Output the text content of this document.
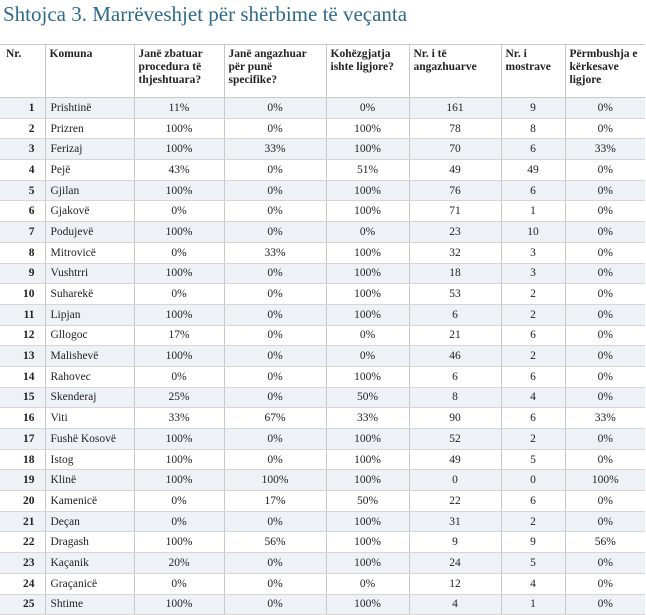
Shtojca 3. Marrëveshjet për shërbime të veçanta
Nr.	Komuna	Janë zbatuar procedura të thjeshtuara?	Janë angazhuar për punë specifike?	Kohëzgjatja ishte ligjore?	Nr. i të angazhuarve	Nr. i mostrave	Përmbushja e kërkesave ligjore
1	Prishtinë	11%	0%	0%	161	9	0%
2	Prizren	100%	0%	100%	78	8	0%
3	Ferizaj	100%	33%	100%	70	6	33%
4	Pejë	43%	0%	51%	49	49	0%
5	Gjilan	100%	0%	100%	76	6	0%
6	Gjakovë	0%	0%	100%	71	1	0%
7	Podujevë	100%	0%	0%	23	10	0%
8	Mitrovicë	0%	33%	100%	32	3	0%
9	Vushtrri	100%	0%	100%	18	3	0%
10	Suharekë	0%	0%	100%	53	2	0%
11	Lipjan	100%	0%	100%	6	2	0%
12	Gllogoc	17%	0%	0%	21	6	0%
13	Malishevë	100%	0%	0%	46	2	0%
14	Rahovec	0%	0%	100%	6	6	0%
15	Skenderaj	25%	0%	50%	8	4	0%
16	Viti	33%	67%	33%	90	6	33%
17	Fushë Kosovë	100%	0%	100%	52	2	0%
18	Istog	100%	0%	100%	49	5	0%
19	Klinë	100%	100%	100%	0	0	100%
20	Kamenicë	0%	17%	50%	22	6	0%
21	Deçan	0%	0%	100%	31	2	0%
22	Dragash	100%	56%	100%	9	9	56%
23	Kaçanik	20%	0%	100%	24	5	0%
24	Graçanicë	0%	0%	0%	12	4	0%
25	Shtime	100%	0%	100%	4	1	0%
